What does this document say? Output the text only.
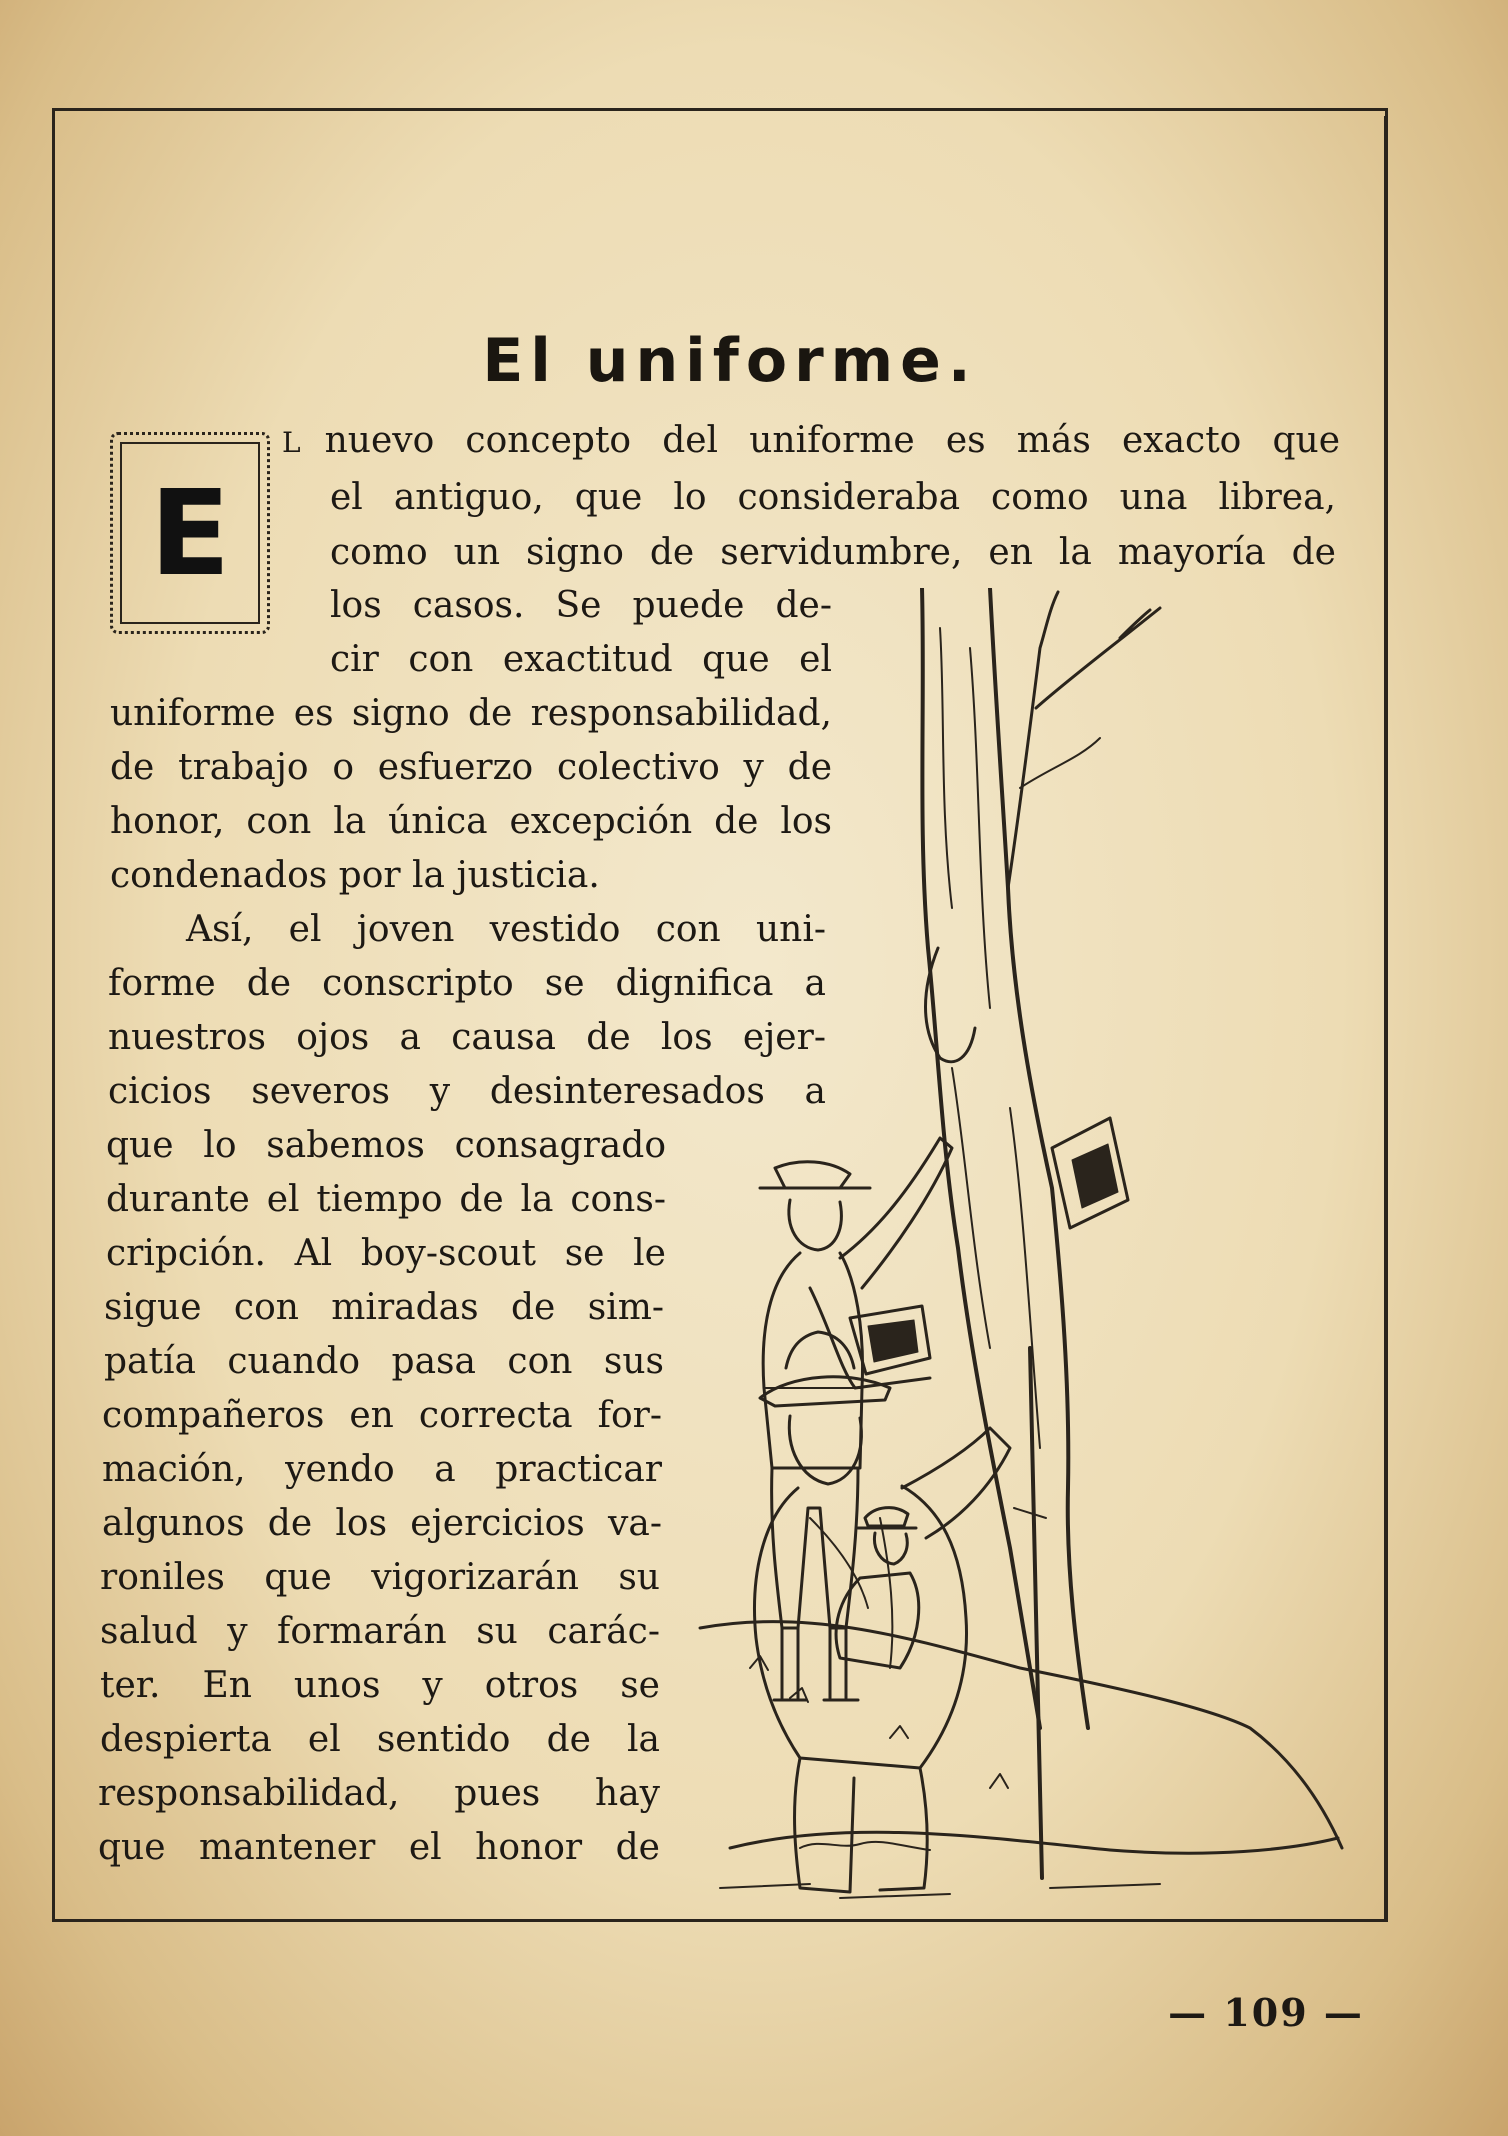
El uniforme.
E
L nuevo concepto del uniforme es más exacto que
el antiguo, que lo consideraba como una librea,
como un signo de servidumbre, en la mayoría de
los casos. Se puede de-
cir con exactitud que el
uniforme es signo de responsabilidad,
de trabajo o esfuerzo colectivo y de
honor, con la única excepción de los
condenados por la justicia.
Así, el joven vestido con uni-
forme de conscripto se dignifica a
nuestros ojos a causa de los ejer-
cicios severos y desinteresados a
que lo sabemos consagrado
durante el tiempo de la cons-
cripción. Al boy-scout se le
sigue con miradas de sim-
patía cuando pasa con sus
compañeros en correcta for-
mación, yendo a practicar
algunos de los ejercicios va-
roniles que vigorizarán su
salud y formarán su carác-
ter. En unos y otros se
despierta el sentido de la
responsabilidad, pues hay
que mantener el honor de
— 109 —
